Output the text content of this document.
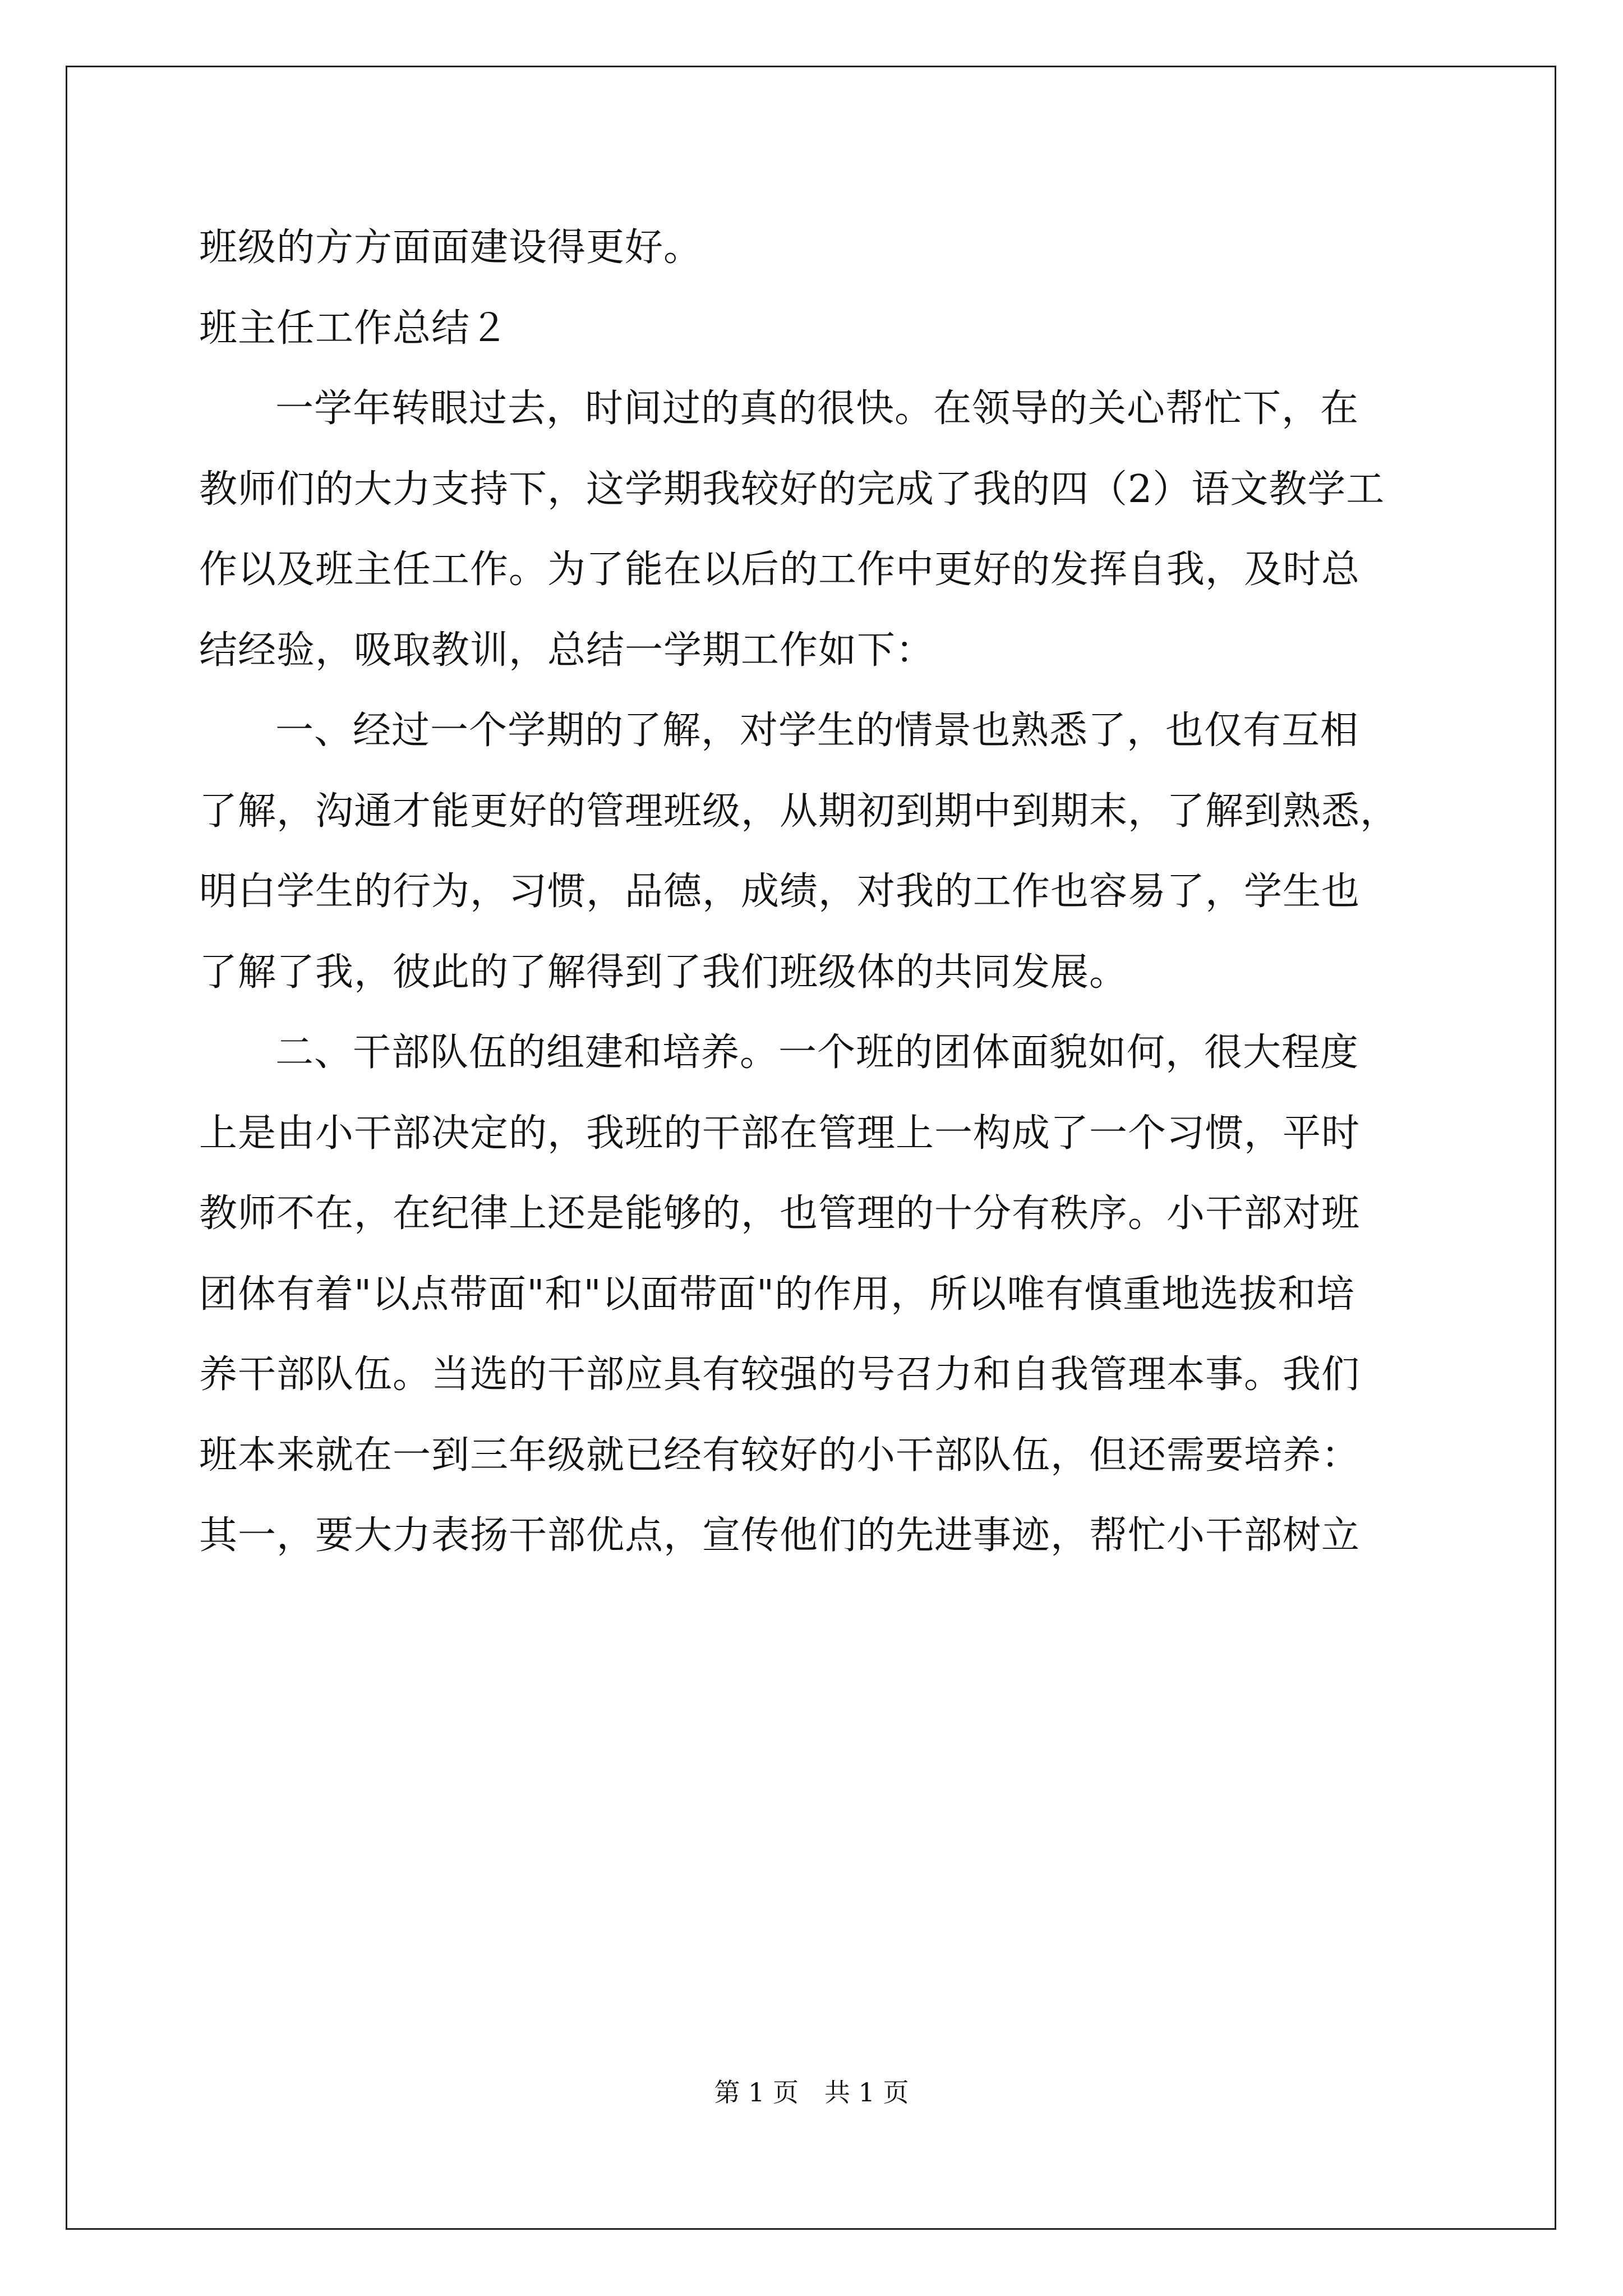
班级的方方面面建设得更好。
班主任工作总结２
一学年转眼过去，时间过的真的很快。在领导的关心帮忙下，在
教师们的大力支持下，这学期我较好的完成了我的四（2）语文教学工
作以及班主任工作。为了能在以后的工作中更好的发挥自我，及时总
结经验，吸取教训，总结一学期工作如下：
一、经过一个学期的了解，对学生的情景也熟悉了，也仅有互相
了解，沟通才能更好的管理班级，从期初到期中到期末，了解到熟悉，
明白学生的行为，习惯，品德，成绩，对我的工作也容易了，学生也
了解了我，彼此的了解得到了我们班级体的共同发展。
二、干部队伍的组建和培养。一个班的团体面貌如何，很大程度
上是由小干部决定的，我班的干部在管理上一构成了一个习惯，平时
教师不在，在纪律上还是能够的，也管理的十分有秩序。小干部对班
团体有着"以点带面"和"以面带面"的作用，所以唯有慎重地选拔和培
养干部队伍。当选的干部应具有较强的号召力和自我管理本事。我们
班本来就在一到三年级就已经有较好的小干部队伍，但还需要培养：
其一，要大力表扬干部优点，宣传他们的先进事迹，帮忙小干部树立
第 1 页　共 1 页
